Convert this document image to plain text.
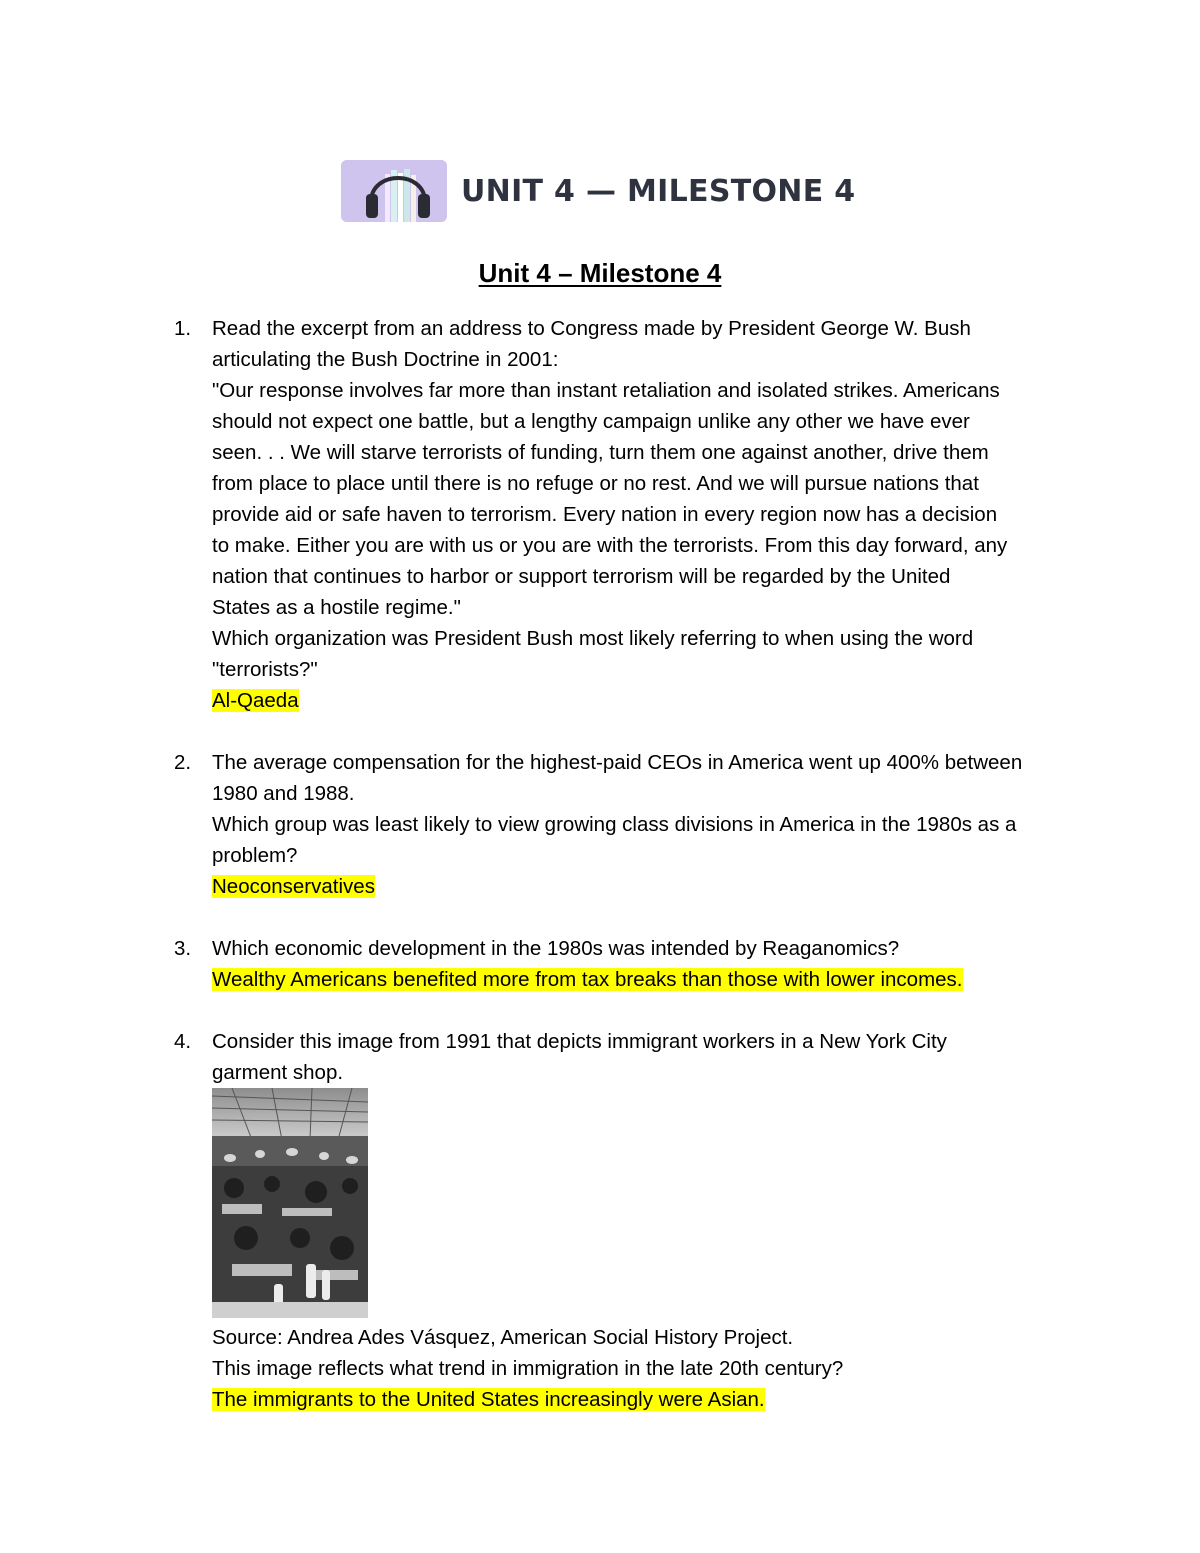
UNIT 4 — MILESTONE 4
Unit 4 – Milestone 4
1. Read the excerpt from an address to Congress made by President George W. Bush
articulating the Bush Doctrine in 2001:
"Our response involves far more than instant retaliation and isolated strikes. Americans
should not expect one battle, but a lengthy campaign unlike any other we have ever
seen. . . We will starve terrorists of funding, turn them one against another, drive them
from place to place until there is no refuge or no rest. And we will pursue nations that
provide aid or safe haven to terrorism. Every nation in every region now has a decision
to make. Either you are with us or you are with the terrorists. From this day forward, any
nation that continues to harbor or support terrorism will be regarded by the United
States as a hostile regime."
Which organization was President Bush most likely referring to when using the word
"terrorists?"
Al-Qaeda
2. The average compensation for the highest-paid CEOs in America went up 400% between
1980 and 1988.
Which group was least likely to view growing class divisions in America in the 1980s as a
problem?
Neoconservatives
3. Which economic development in the 1980s was intended by Reaganomics?
Wealthy Americans benefited more from tax breaks than those with lower incomes.
4. Consider this image from 1991 that depicts immigrant workers in a New York City
garment shop.
Source: Andrea Ades Vásquez, American Social History Project.
This image reflects what trend in immigration in the late 20th century?
The immigrants to the United States increasingly were Asian.
